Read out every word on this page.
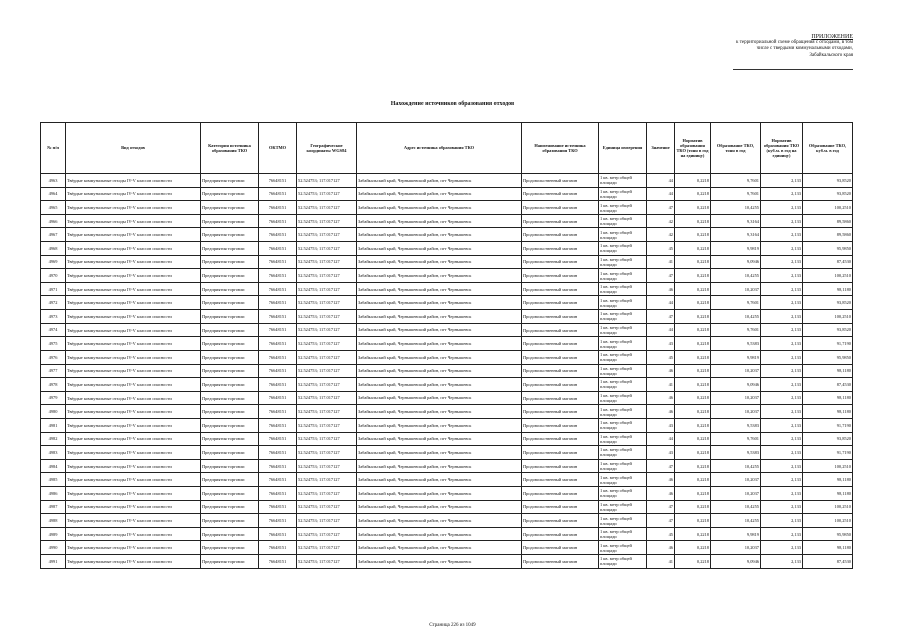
ПРИЛОЖЕНИЕ
к территориальной схеме обращения с отходами, в том
числе с твердыми коммунальными отходами,
Забайкальского края
Нахождение источников образования отходов
№ п/п	Вид отходов	Категория источника образования ТКО	ОКТМО	Географические координаты WGS84	Адрес источника образования ТКО	Наименование источника образования ТКО	Единица измерения	Значение	Норматив образования ТКО (тонн в год на единицу)	Образование ТКО, тонн в год	Норматив образования ТКО (куб.м. в год на единицу)	Образование ТКО, куб.м. в год
4963	Твёрдые коммунальные отходы IV-V классов опасности	Предприятия торговли	76648151	52.524753; 117.017127	Забайкальский край, Чернышевский район, пгт Чернышевск	Продовольственный магазин	1 кв. метр общей площади	44	0,2218	9,7601	2,133	93,8520
4964	Твёрдые коммунальные отходы IV-V классов опасности	Предприятия торговли	76648151	52.524753; 117.017127	Забайкальский край, Чернышевский район, пгт Чернышевск	Продовольственный магазин	1 кв. метр общей площади	44	0,2218	9,7601	2,133	93,8520
4965	Твёрдые коммунальные отходы IV-V классов опасности	Предприятия торговли	76648151	52.524753; 117.017127	Забайкальский край, Чернышевский район, пгт Чернышевск	Продовольственный магазин	1 кв. метр общей площади	47	0,2218	10,4255	2,133	100,2510
4966	Твёрдые коммунальные отходы IV-V классов опасности	Предприятия торговли	76648151	52.524753; 117.017127	Забайкальский край, Чернышевский район, пгт Чернышевск	Продовольственный магазин	1 кв. метр общей площади	42	0,2218	9,3164	2,133	89,5860
4967	Твёрдые коммунальные отходы IV-V классов опасности	Предприятия торговли	76648151	52.524753; 117.017127	Забайкальский край, Чернышевский район, пгт Чернышевск	Продовольственный магазин	1 кв. метр общей площади	42	0,2218	9,3164	2,133	89,5860
4968	Твёрдые коммунальные отходы IV-V классов опасности	Предприятия торговли	76648151	52.524753; 117.017127	Забайкальский край, Чернышевский район, пгт Чернышевск	Продовольственный магазин	1 кв. метр общей площади	45	0,2218	9,9819	2,133	95,9850
4969	Твёрдые коммунальные отходы IV-V классов опасности	Предприятия торговли	76648151	52.524753; 117.017127	Забайкальский край, Чернышевский район, пгт Чернышевск	Продовольственный магазин	1 кв. метр общей площади	41	0,2218	9,0946	2,133	87,4530
4970	Твёрдые коммунальные отходы IV-V классов опасности	Предприятия торговли	76648151	52.524753; 117.017127	Забайкальский край, Чернышевский район, пгт Чернышевск	Продовольственный магазин	1 кв. метр общей площади	47	0,2218	10,4255	2,133	100,2510
4971	Твёрдые коммунальные отходы IV-V классов опасности	Предприятия торговли	76648151	52.524753; 117.017127	Забайкальский край, Чернышевский район, пгт Чернышевск	Продовольственный магазин	1 кв. метр общей площади	46	0,2218	10,2037	2,133	98,1180
4972	Твёрдые коммунальные отходы IV-V классов опасности	Предприятия торговли	76648151	52.524753; 117.017127	Забайкальский край, Чернышевский район, пгт Чернышевск	Продовольственный магазин	1 кв. метр общей площади	44	0,2218	9,7601	2,133	93,8520
4973	Твёрдые коммунальные отходы IV-V классов опасности	Предприятия торговли	76648151	52.524753; 117.017127	Забайкальский край, Чернышевский район, пгт Чернышевск	Продовольственный магазин	1 кв. метр общей площади	47	0,2218	10,4255	2,133	100,2510
4974	Твёрдые коммунальные отходы IV-V классов опасности	Предприятия торговли	76648151	52.524753; 117.017127	Забайкальский край, Чернышевский район, пгт Чернышевск	Продовольственный магазин	1 кв. метр общей площади	44	0,2218	9,7601	2,133	93,8520
4975	Твёрдые коммунальные отходы IV-V классов опасности	Предприятия торговли	76648151	52.524753; 117.017127	Забайкальский край, Чернышевский район, пгт Чернышевск	Продовольственный магазин	1 кв. метр общей площади	43	0,2218	9,5383	2,133	91,7190
4976	Твёрдые коммунальные отходы IV-V классов опасности	Предприятия торговли	76648151	52.524753; 117.017127	Забайкальский край, Чернышевский район, пгт Чернышевск	Продовольственный магазин	1 кв. метр общей площади	45	0,2218	9,9819	2,133	95,9850
4977	Твёрдые коммунальные отходы IV-V классов опасности	Предприятия торговли	76648151	52.524753; 117.017127	Забайкальский край, Чернышевский район, пгт Чернышевск	Продовольственный магазин	1 кв. метр общей площади	46	0,2218	10,2037	2,133	98,1180
4978	Твёрдые коммунальные отходы IV-V классов опасности	Предприятия торговли	76648151	52.524753; 117.017127	Забайкальский край, Чернышевский район, пгт Чернышевск	Продовольственный магазин	1 кв. метр общей площади	41	0,2218	9,0946	2,133	87,4530
4979	Твёрдые коммунальные отходы IV-V классов опасности	Предприятия торговли	76648151	52.524753; 117.017127	Забайкальский край, Чернышевский район, пгт Чернышевск	Продовольственный магазин	1 кв. метр общей площади	46	0,2218	10,2037	2,133	98,1180
4980	Твёрдые коммунальные отходы IV-V классов опасности	Предприятия торговли	76648151	52.524753; 117.017127	Забайкальский край, Чернышевский район, пгт Чернышевск	Продовольственный магазин	1 кв. метр общей площади	46	0,2218	10,2037	2,133	98,1180
4981	Твёрдые коммунальные отходы IV-V классов опасности	Предприятия торговли	76648151	52.524753; 117.017127	Забайкальский край, Чернышевский район, пгт Чернышевск	Продовольственный магазин	1 кв. метр общей площади	43	0,2218	9,5383	2,133	91,7190
4982	Твёрдые коммунальные отходы IV-V классов опасности	Предприятия торговли	76648151	52.524753; 117.017127	Забайкальский край, Чернышевский район, пгт Чернышевск	Продовольственный магазин	1 кв. метр общей площади	44	0,2218	9,7601	2,133	93,8520
4983	Твёрдые коммунальные отходы IV-V классов опасности	Предприятия торговли	76648151	52.524753; 117.017127	Забайкальский край, Чернышевский район, пгт Чернышевск	Продовольственный магазин	1 кв. метр общей площади	43	0,2218	9,5383	2,133	91,7190
4984	Твёрдые коммунальные отходы IV-V классов опасности	Предприятия торговли	76648151	52.524753; 117.017127	Забайкальский край, Чернышевский район, пгт Чернышевск	Продовольственный магазин	1 кв. метр общей площади	47	0,2218	10,4255	2,133	100,2510
4985	Твёрдые коммунальные отходы IV-V классов опасности	Предприятия торговли	76648151	52.524753; 117.017127	Забайкальский край, Чернышевский район, пгт Чернышевск	Продовольственный магазин	1 кв. метр общей площади	46	0,2218	10,2037	2,133	98,1180
4986	Твёрдые коммунальные отходы IV-V классов опасности	Предприятия торговли	76648151	52.524753; 117.017127	Забайкальский край, Чернышевский район, пгт Чернышевск	Продовольственный магазин	1 кв. метр общей площади	46	0,2218	10,2037	2,133	98,1180
4987	Твёрдые коммунальные отходы IV-V классов опасности	Предприятия торговли	76648151	52.524753; 117.017127	Забайкальский край, Чернышевский район, пгт Чернышевск	Продовольственный магазин	1 кв. метр общей площади	47	0,2218	10,4255	2,133	100,2510
4988	Твёрдые коммунальные отходы IV-V классов опасности	Предприятия торговли	76648151	52.524753; 117.017127	Забайкальский край, Чернышевский район, пгт Чернышевск	Продовольственный магазин	1 кв. метр общей площади	47	0,2218	10,4255	2,133	100,2510
4989	Твёрдые коммунальные отходы IV-V классов опасности	Предприятия торговли	76648151	52.524753; 117.017127	Забайкальский край, Чернышевский район, пгт Чернышевск	Продовольственный магазин	1 кв. метр общей площади	45	0,2218	9,9819	2,133	95,9850
4990	Твёрдые коммунальные отходы IV-V классов опасности	Предприятия торговли	76648151	52.524753; 117.017127	Забайкальский край, Чернышевский район, пгт Чернышевск	Продовольственный магазин	1 кв. метр общей площади	46	0,2218	10,2037	2,133	98,1180
4991	Твёрдые коммунальные отходы IV-V классов опасности	Предприятия торговли	76648151	52.524753; 117.017127	Забайкальский край, Чернышевский район, пгт Чернышевск	Продовольственный магазин	1 кв. метр общей площади	41	0,2218	9,0946	2,133	87,4530
Страница 226 из 1049
